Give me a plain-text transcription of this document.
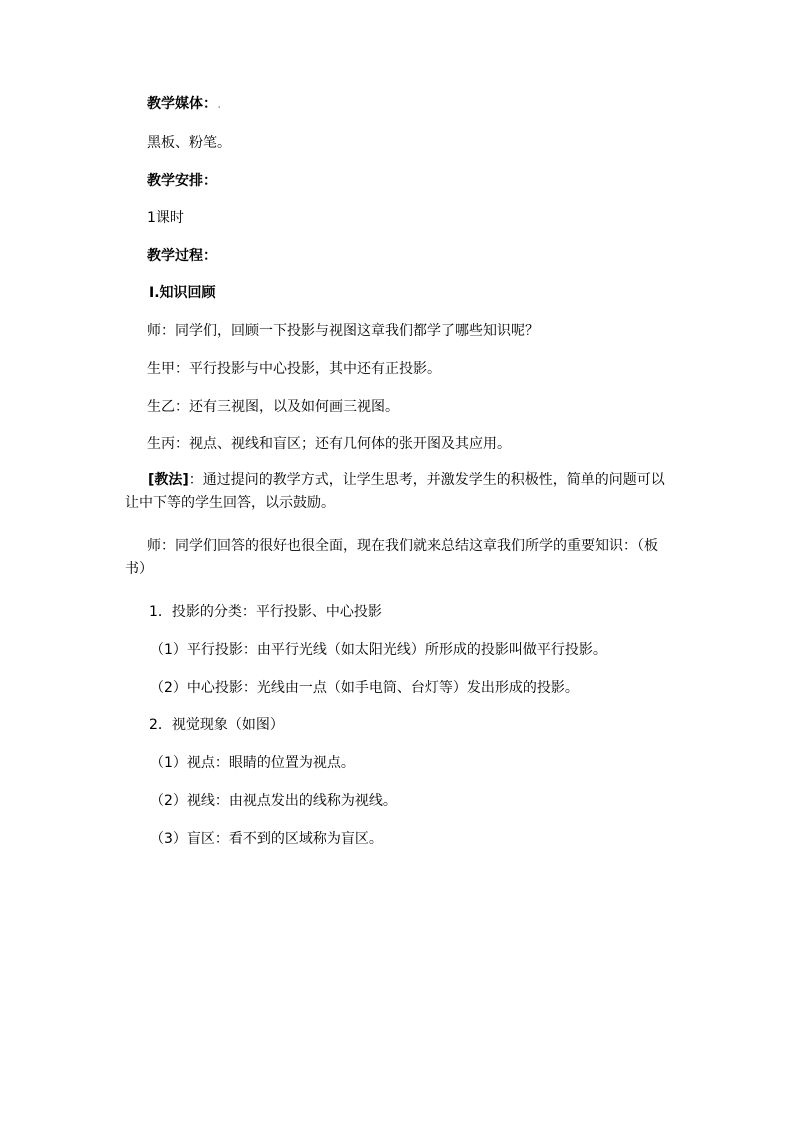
教学媒体：.
黑板、粉笔。
教学安排：
1课时
教学过程：
Ⅰ.知识回顾
师：同学们，回顾一下投影与视图这章我们都学了哪些知识呢？
生甲：平行投影与中心投影，其中还有正投影。
生乙：还有三视图，以及如何画三视图。
生丙：视点、视线和盲区；还有几何体的张开图及其应用。
[教法]：通过提问的教学方式，让学生思考，并激发学生的积极性，简单的问题可以让中下等的学生回答，以示鼓励。
师：同学们回答的很好也很全面，现在我们就来总结这章我们所学的重要知识：（板书）
1．投影的分类：平行投影、中心投影
（1）平行投影：由平行光线（如太阳光线）所形成的投影叫做平行投影。
（2）中心投影：光线由一点（如手电筒、台灯等）发出形成的投影。
2．视觉现象（如图）
（1）视点：眼睛的位置为视点。
（2）视线：由视点发出的线称为视线。
（3）盲区：看不到的区域称为盲区。
